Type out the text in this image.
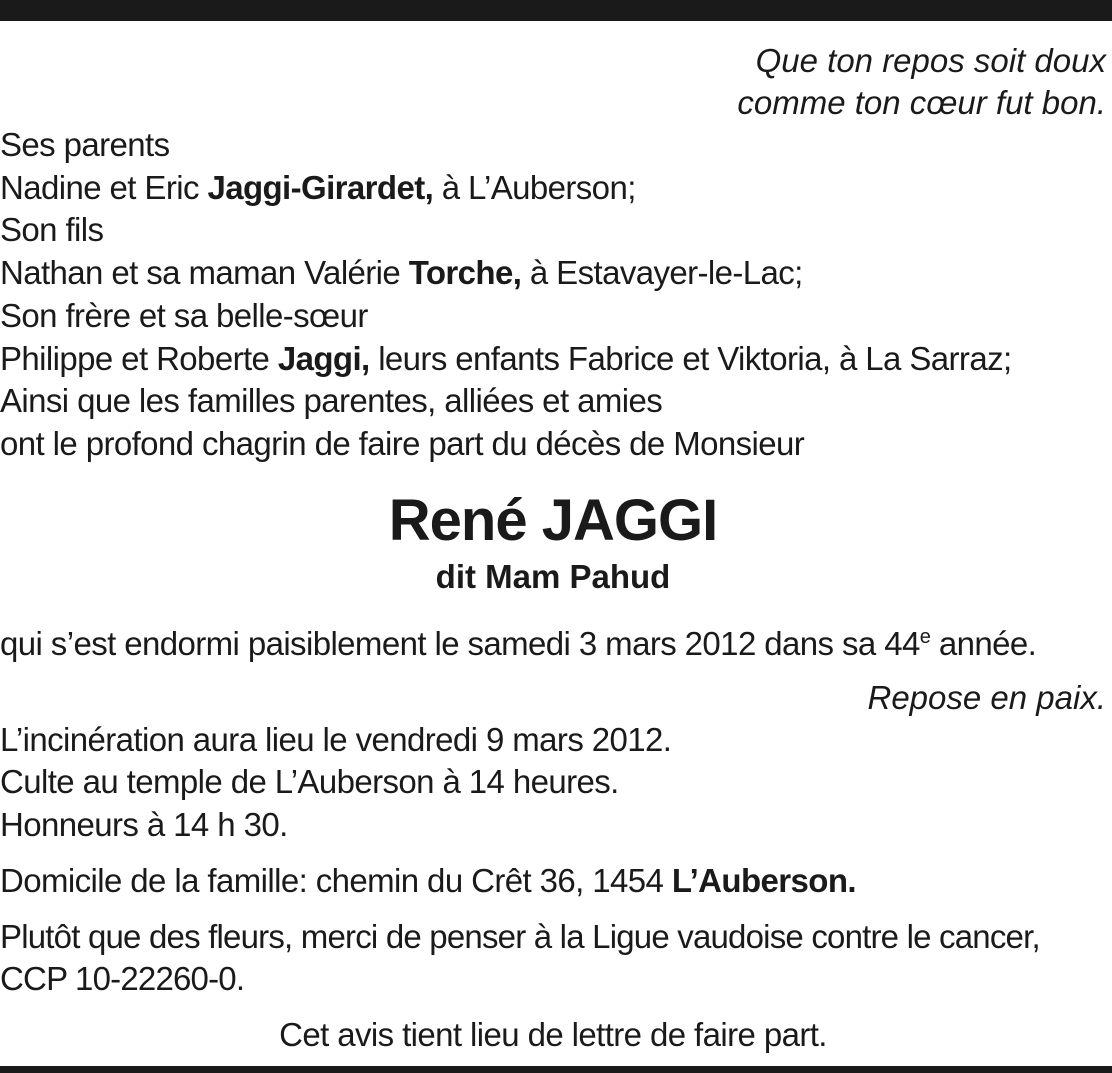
Que ton repos soit doux
comme ton cœur fut bon.
Ses parents
Nadine et Eric Jaggi-Girardet, à L’Auberson;
Son fils
Nathan et sa maman Valérie Torche, à Estavayer-le-Lac;
Son frère et sa belle-sœur
Philippe et Roberte Jaggi, leurs enfants Fabrice et Viktoria, à La Sarraz;
Ainsi que les familles parentes, alliées et amies
ont le profond chagrin de faire part du décès de Monsieur
René JAGGI
dit Mam Pahud
qui s’est endormi paisiblement le samedi 3 mars 2012 dans sa 44e année.
Repose en paix.
L’incinération aura lieu le vendredi 9 mars 2012.
Culte au temple de L’Auberson à 14 heures.
Honneurs à 14 h 30.
Domicile de la famille: chemin du Crêt 36, 1454 L’Auberson.
Plutôt que des fleurs, merci de penser à la Ligue vaudoise contre le cancer,
CCP 10-22260-0.
Cet avis tient lieu de lettre de faire part.
